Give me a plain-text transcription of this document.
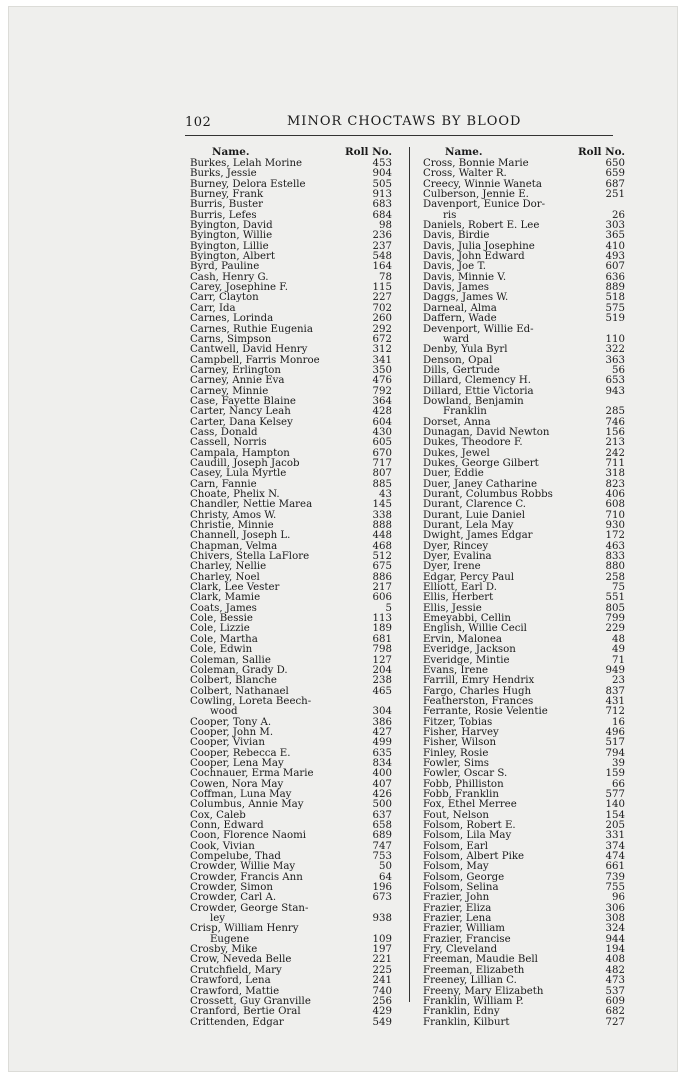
102	MINOR CHOCTAWS BY BLOOD
Name.	Roll No.
Burkes, Lelah Morine	453
Burks, Jessie	904
Burney, Delora Estelle	505
Burney, Frank	913
Burris, Buster	683
Burris, Lefes	684
Byington, David	98
Byington, Willie	236
Byington, Lillie	237
Byington, Albert	548
Byrd, Pauline	164
Cash, Henry G.	78
Carey, Josephine F.	115
Carr, Clayton	227
Carr, Ida	702
Carnes, Lorinda	260
Carnes, Ruthie Eugenia	292
Carns, Simpson	672
Cantwell, David Henry	312
Campbell, Farris Monroe	341
Carney, Erlington	350
Carney, Annie Eva	476
Carney, Minnie	792
Case, Fayette Blaine	364
Carter, Nancy Leah	428
Carter, Dana Kelsey	604
Cass, Donald	430
Cassell, Norris	605
Campala, Hampton	670
Caudill, Joseph Jacob	717
Casey, Lula Myrtle	807
Carn, Fannie	885
Choate, Phelix N.	43
Chandler, Nettie Marea	145
Christy, Amos W.	338
Christie, Minnie	888
Channell, Joseph L.	448
Chapman, Velma	468
Chivers, Stella LaFlore	512
Charley, Nellie	675
Charley, Noel	886
Clark, Lee Vester	217
Clark, Mamie	606
Coats, James	5
Cole, Bessie	113
Cole, Lizzie	189
Cole, Martha	681
Cole, Edwin	798
Coleman, Sallie	127
Coleman, Grady D.	204
Colbert, Blanche	238
Colbert, Nathanael	465
Cowling, Loreta Beech-
wood	304
Cooper, Tony A.	386
Cooper, John M.	427
Cooper, Vivian	499
Cooper, Rebecca E.	635
Cooper, Lena May	834
Cochnauer, Erma Marie	400
Cowen, Nora May	407
Coffman, Luna May	426
Columbus, Annie May	500
Cox, Caleb	637
Conn, Edward	658
Coon, Florence Naomi	689
Cook, Vivian	747
Compelube, Thad	753
Crowder, Willie May	50
Crowder, Francis Ann	64
Crowder, Simon	196
Crowder, Carl A.	673
Crowder, George Stan-
ley	938
Crisp, William Henry
Eugene	109
Crosby, Mike	197
Crow, Neveda Belle	221
Crutchfield, Mary	225
Crawford, Lena	241
Crawford, Mattie	740
Crossett, Guy Granville	256
Cranford, Bertie Oral	429
Crittenden, Edgar	549
Name.	Roll No.
Cross, Bonnie Marie	650
Cross, Walter R.	659
Creecy, Winnie Waneta	687
Culberson, Jennie E.	251
Davenport, Eunice Dor-
ris	26
Daniels, Robert E. Lee	303
Davis, Birdie	365
Davis, Julia Josephine	410
Davis, John Edward	493
Davis, Joe T.	607
Davis, Minnie V.	636
Davis, James	889
Daggs, James W.	518
Darneal, Alma	575
Daffern, Wade	519
Devenport, Willie Ed-
ward	110
Denby, Yula Byrl	322
Denson, Opal	363
Dills, Gertrude	56
Dillard, Clemency H.	653
Dillard, Ettie Victoria	943
Dowland, Benjamin
Franklin	285
Dorset, Anna	746
Dunagan, David Newton	156
Dukes, Theodore F.	213
Dukes, Jewel	242
Dukes, George Gilbert	711
Duer, Eddie	318
Duer, Janey Catharine	823
Durant, Columbus Robbs	406
Durant, Clarence C.	608
Durant, Luie Daniel	710
Durant, Lela May	930
Dwight, James Edgar	172
Dyer, Rincey	463
Dyer, Evalina	833
Dyer, Irene	880
Edgar, Percy Paul	258
Elliott, Earl D.	75
Ellis, Herbert	551
Ellis, Jessie	805
Emeyabbi, Cellin	799
English, Willie Cecil	229
Ervin, Malonea	48
Everidge, Jackson	49
Everidge, Mintie	71
Evans, Irene	949
Farrill, Emry Hendrix	23
Fargo, Charles Hugh	837
Featherston, Frances	431
Ferrante, Rosie Velentie	712
Fitzer, Tobias	16
Fisher, Harvey	496
Fisher, Wilson	517
Finley, Rosie	794
Fowler, Sims	39
Fowler, Oscar S.	159
Fobb, Philliston	66
Fobb, Franklin	577
Fox, Ethel Merree	140
Fout, Nelson	154
Folsom, Robert E.	205
Folsom, Lila May	331
Folsom, Earl	374
Folsom, Albert Pike	474
Folsom, May	661
Folsom, George	739
Folsom, Selina	755
Frazier, John	96
Frazier, Eliza	306
Frazier, Lena	308
Frazier, William	324
Frazier, Francise	944
Fry, Cleveland	194
Freeman, Maudie Bell	408
Freeman, Elizabeth	482
Freeney, Lillian C.	473
Freeny, Mary Elizabeth	537
Franklin, William P.	609
Franklin, Edny	682
Franklin, Kilburt	727
